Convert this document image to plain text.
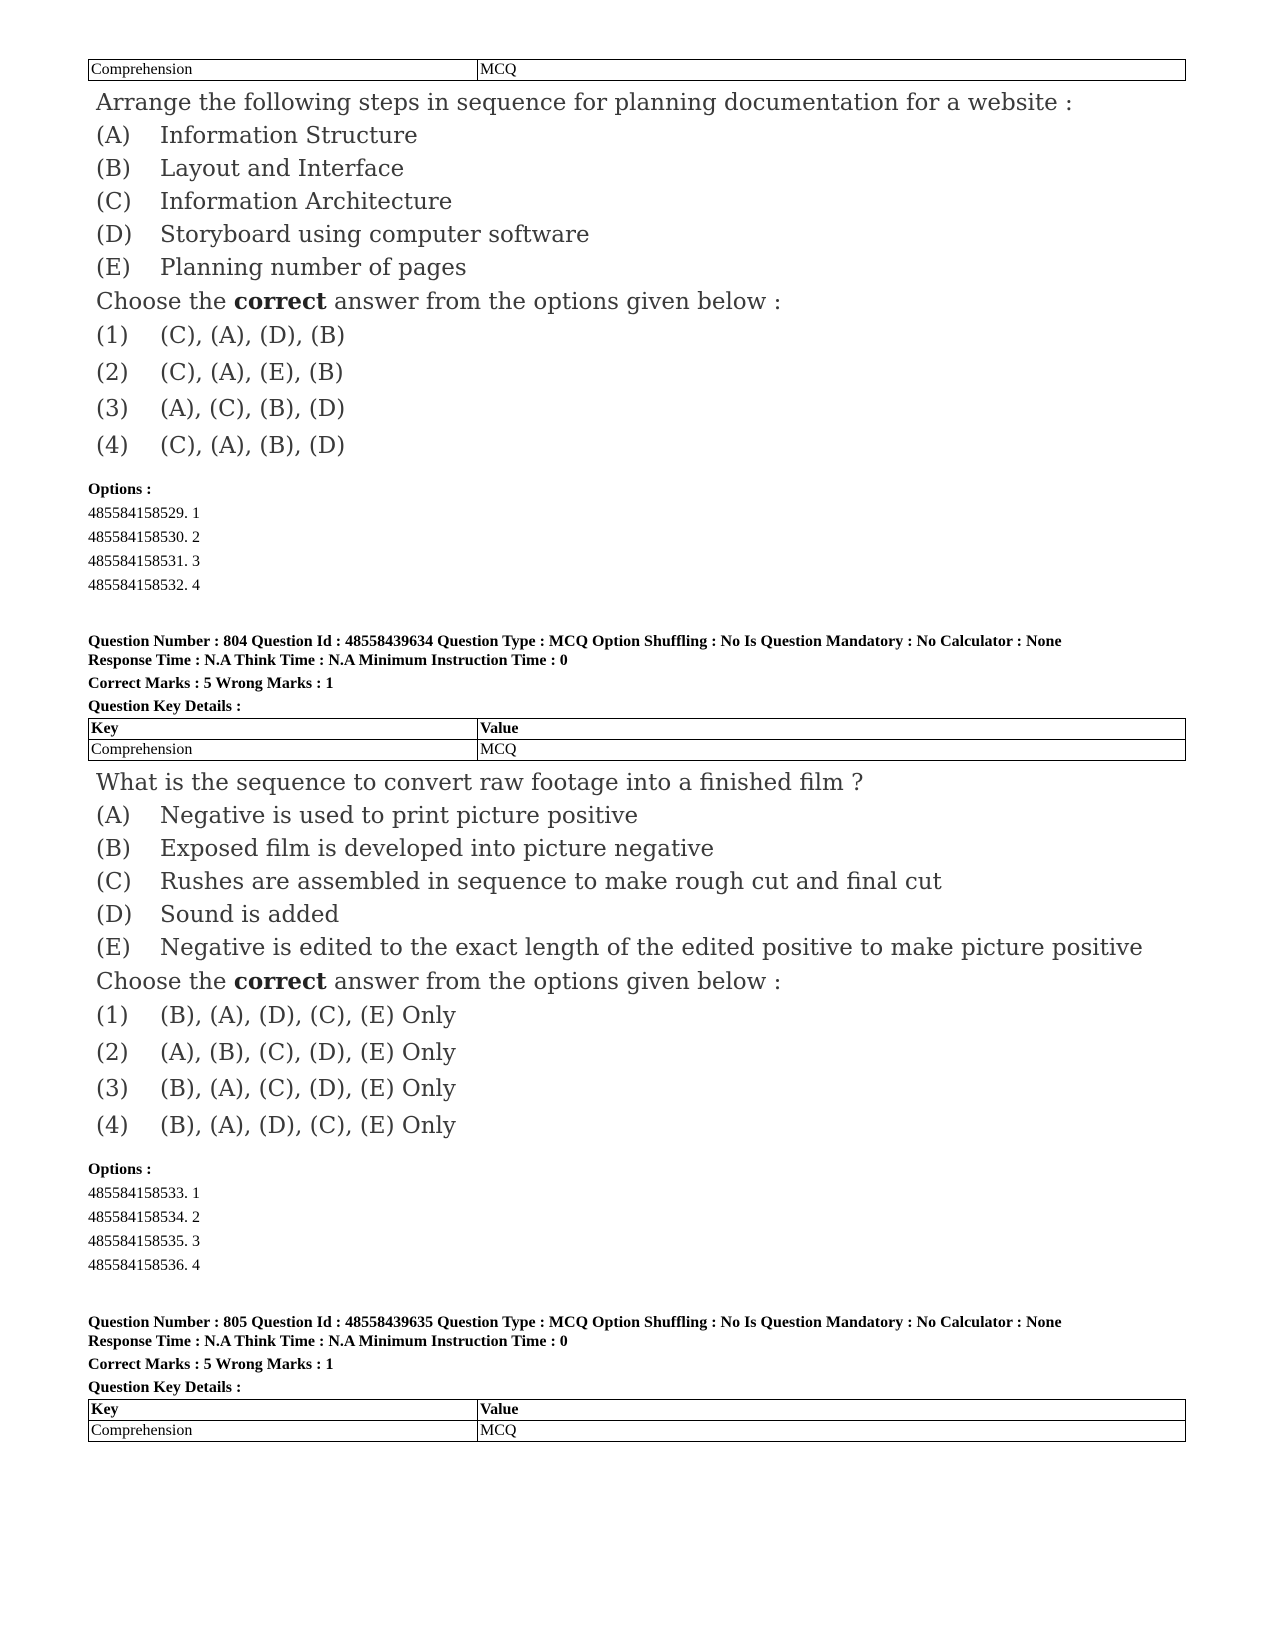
Comprehension	MCQ
Arrange the following steps in sequence for planning documentation for a website :
(A) Information Structure
(B) Layout and Interface
(C) Information Architecture
(D) Storyboard using computer software
(E) Planning number of pages
Choose the correct answer from the options given below :
(1) (C), (A), (D), (B)
(2) (C), (A), (E), (B)
(3) (A), (C), (B), (D)
(4) (C), (A), (B), (D)
Options :
485584158529. 1
485584158530. 2
485584158531. 3
485584158532. 4
Question Number : 804 Question Id : 48558439634 Question Type : MCQ Option Shuffling : No Is Question Mandatory : No Calculator : None
Response Time : N.A Think Time : N.A Minimum Instruction Time : 0
Correct Marks : 5 Wrong Marks : 1
Question Key Details :
Key	Value
Comprehension	MCQ
What is the sequence to convert raw footage into a finished film ?
(A) Negative is used to print picture positive
(B) Exposed film is developed into picture negative
(C) Rushes are assembled in sequence to make rough cut and final cut
(D) Sound is added
(E) Negative is edited to the exact length of the edited positive to make picture positive
Choose the correct answer from the options given below :
(1) (B), (A), (D), (C), (E) Only
(2) (A), (B), (C), (D), (E) Only
(3) (B), (A), (C), (D), (E) Only
(4) (B), (A), (D), (C), (E) Only
Options :
485584158533. 1
485584158534. 2
485584158535. 3
485584158536. 4
Question Number : 805 Question Id : 48558439635 Question Type : MCQ Option Shuffling : No Is Question Mandatory : No Calculator : None
Response Time : N.A Think Time : N.A Minimum Instruction Time : 0
Correct Marks : 5 Wrong Marks : 1
Question Key Details :
Key	Value
Comprehension	MCQ
